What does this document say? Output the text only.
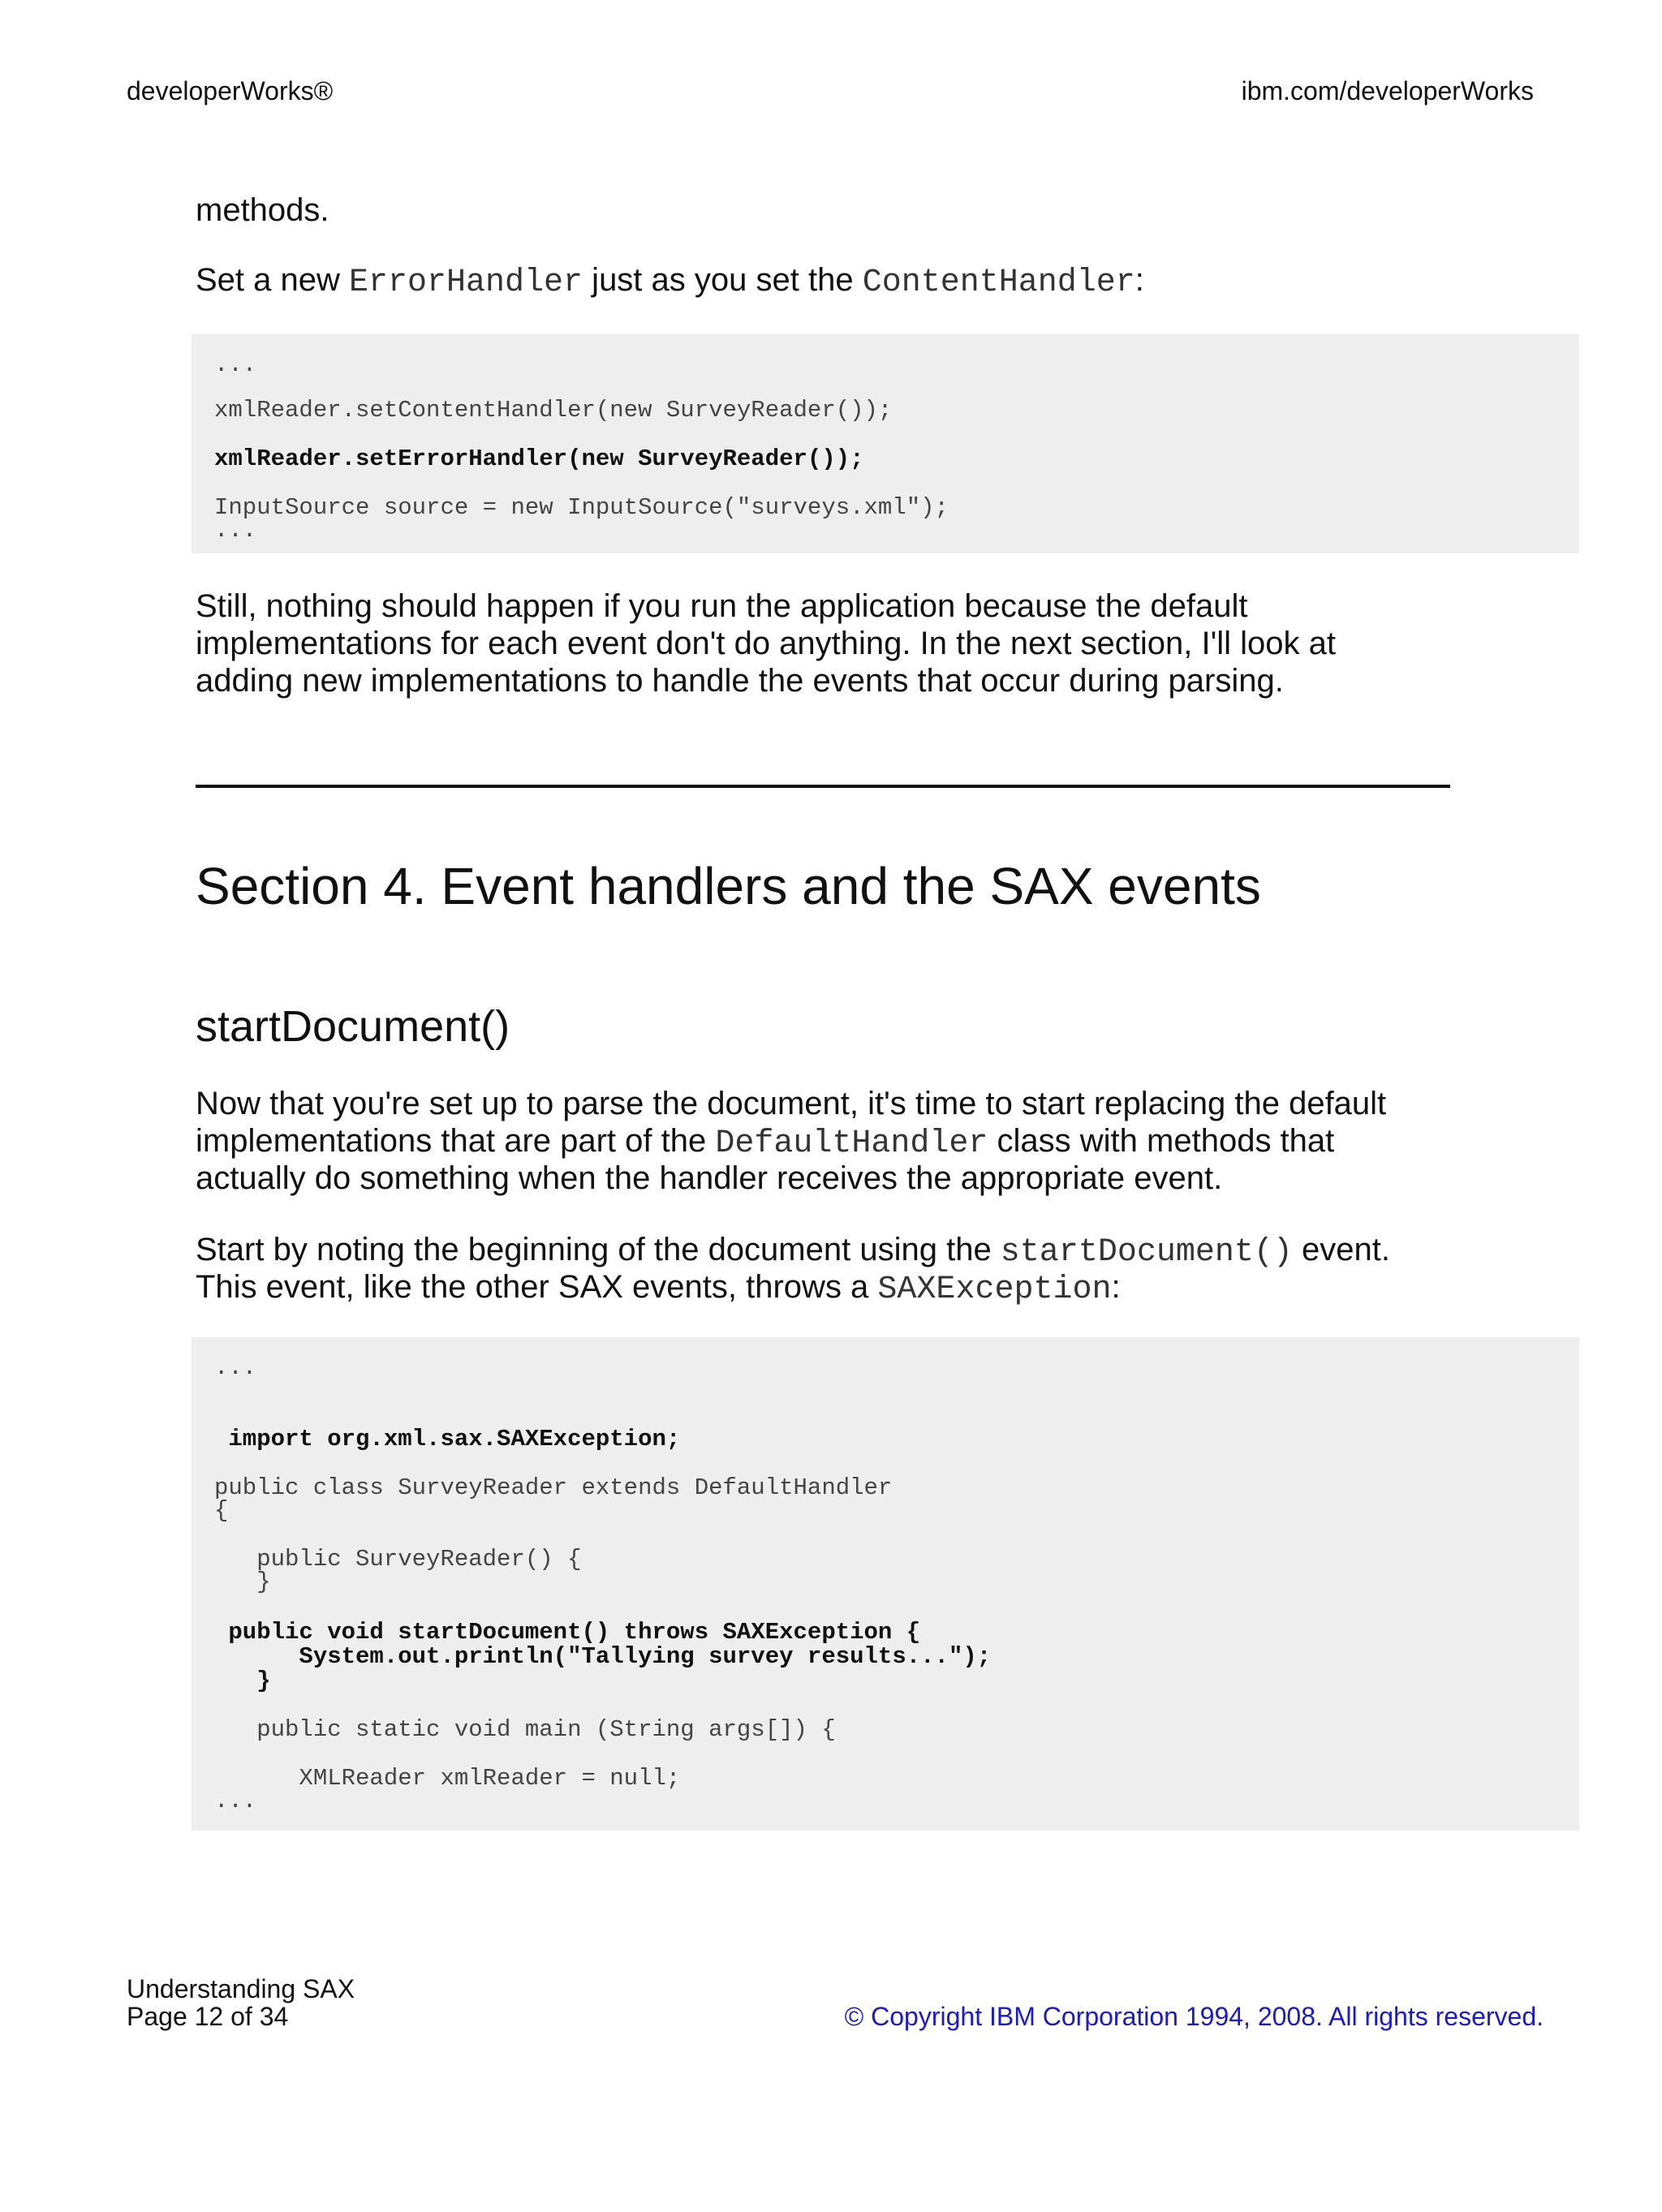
developerWorks®	ibm.com/developerWorks

methods.

Set a new ErrorHandler just as you set the ContentHandler:

...
xmlReader.setContentHandler(new SurveyReader());
xmlReader.setErrorHandler(new SurveyReader());
InputSource source = new InputSource("surveys.xml");
...

Still, nothing should happen if you run the application because the default

implementations for each event don't do anything. In the next section, I'll look at

adding new implementations to handle the events that occur during parsing.

Section 4. Event handlers and the SAX events
startDocument()

Now that you're set up to parse the document, it's time to start replacing the default

implementations that are part of the DefaultHandler class with methods that

actually do something when the handler receives the appropriate event.

Start by noting the beginning of the document using the startDocument() event.

This event, like the other SAX events, throws a SAXException:

...
import org.xml.sax.SAXException;
public class SurveyReader extends DefaultHandler
{
public SurveyReader() {
}
public void startDocument() throws SAXException {
System.out.println("Tallying survey results...");
}
public static void main (String args[]) {
XMLReader xmlReader = null;
...
Understanding SAX
Page 12 of 34	© Copyright IBM Corporation 1994, 2008. All rights reserved.
